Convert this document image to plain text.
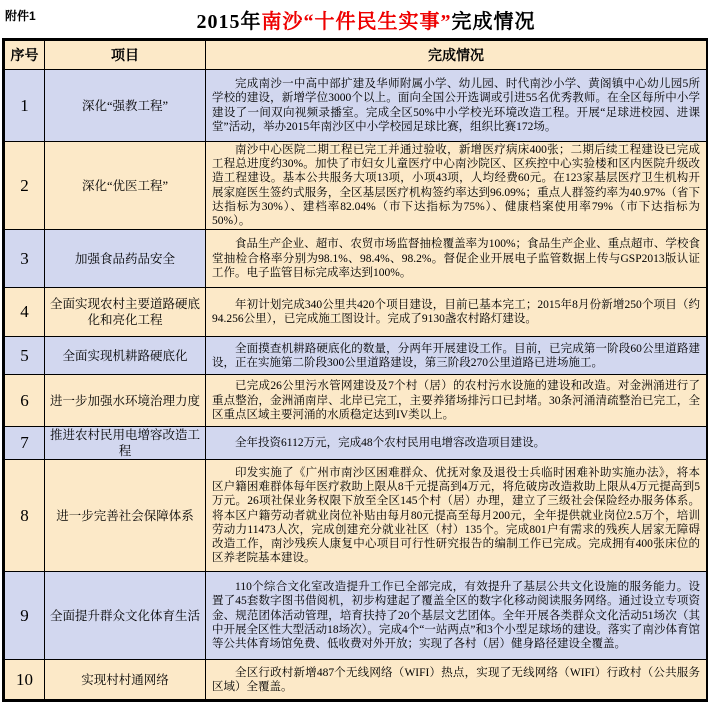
附件1	2015年南沙“十件民生实事”完成情况
序号	项目	完成情况
1	深化“强教工程”	完成南沙一中高中部扩建及华师附属小学、幼儿园、时代南沙小学、黄阁镇中心幼儿园5所学校的建设，新增学位3000个以上。面向全国公开选调或引进55名优秀教师。在全区每所中小学建设了一间双向视频录播室。完成全区50%中小学校光环境改造工程。开展“足球进校园、进课堂”活动，举办2015年南沙区中小学校园足球比赛，组织比赛172场。
2	深化“优医工程”	南沙中心医院二期工程已完工并通过验收，新增医疗病床400张；二期后续工程建设已完成工程总进度约30%。加快了市妇女儿童医疗中心南沙院区、区疾控中心实验楼和区内医院升级改造工程建设。基本公共服务大项13项，小项43项，人均经费60元。在123家基层医疗卫生机构开展家庭医生签约式服务，全区基层医疗机构签约率达到96.09%；重点人群签约率为40.97%（省下达指标为30%）、建档率82.04%（市下达指标为75%）、健康档案使用率79%（市下达指标为50%）。
3	加强食品药品安全	食品生产企业、超市、农贸市场监督抽检覆盖率为100%；食品生产企业、重点超市、学校食堂抽检合格率分别为98.1%、98.4%、98.2%。督促企业开展电子监管数据上传与GSP2013版认证工作。电子监管目标完成率达到100%。
4	全面实现农村主要道路硬底化和亮化工程	年初计划完成340公里共420个项目建设，目前已基本完工；2015年8月份新增250个项目（约94.256公里），已完成施工图设计。完成了9130盏农村路灯建设。
5	全面实现机耕路硬底化	全面摸查机耕路硬底化的数量，分两年开展建设工作。目前，已完成第一阶段60公里道路建设，正在实施第二阶段300公里道路建设，第三阶段270公里道路已进场施工。
6	进一步加强水环境治理力度	已完成26公里污水管网建设及7个村（居）的农村污水设施的建设和改造。对金洲涌进行了重点整治，金洲涌南岸、北岸已完工，主要养猪场排污口已封堵。30条河涌清疏整治已完工，全区重点区域主要河涌的水质稳定达到IV类以上。
7	推进农村民用电增容改造工程	全年投资6112万元，完成48个农村民用电增容改造项目建设。
8	进一步完善社会保障体系	印发实施了《广州市南沙区困难群众、优抚对象及退役士兵临时困难补助实施办法》，将本区户籍困难群体每年医疗救助上限从8千元提高到4万元，将危破房改造救助上限从4万元提高到5万元。26项社保业务权限下放至全区145个村（居）办理，建立了三级社会保险经办服务体系。将本区户籍劳动者就业岗位补贴由每月80元提高至每月200元，全年提供就业岗位2.5万个，培训劳动力11473人次，完成创建充分就业社区（村）135个。完成801户有需求的残疾人居家无障碍改造工作，南沙残疾人康复中心项目可行性研究报告的编制工作已完成。完成拥有400张床位的区养老院基本建设。
9	全面提升群众文化体育生活	110个综合文化室改造提升工作已全部完成，有效提升了基层公共文化设施的服务能力。设置了45套数字图书借阅机，初步构建起了覆盖全区的数字化移动阅读服务网络。通过设立专项资金、规范团体活动管理，培育扶持了20个基层文艺团体。全年开展各类群众文化活动51场次（其中开展全区性大型活动18场次）。完成4个“一站两点”和3个小型足球场的建设。落实了南沙体育馆等公共体育场馆免费、低收费对外开放；实现了各村（居）健身路径建设全覆盖。
10	实现村村通网络	全区行政村新增487个无线网络（WIFI）热点，实现了无线网络（WIFI）行政村（公共服务区域）全覆盖。
